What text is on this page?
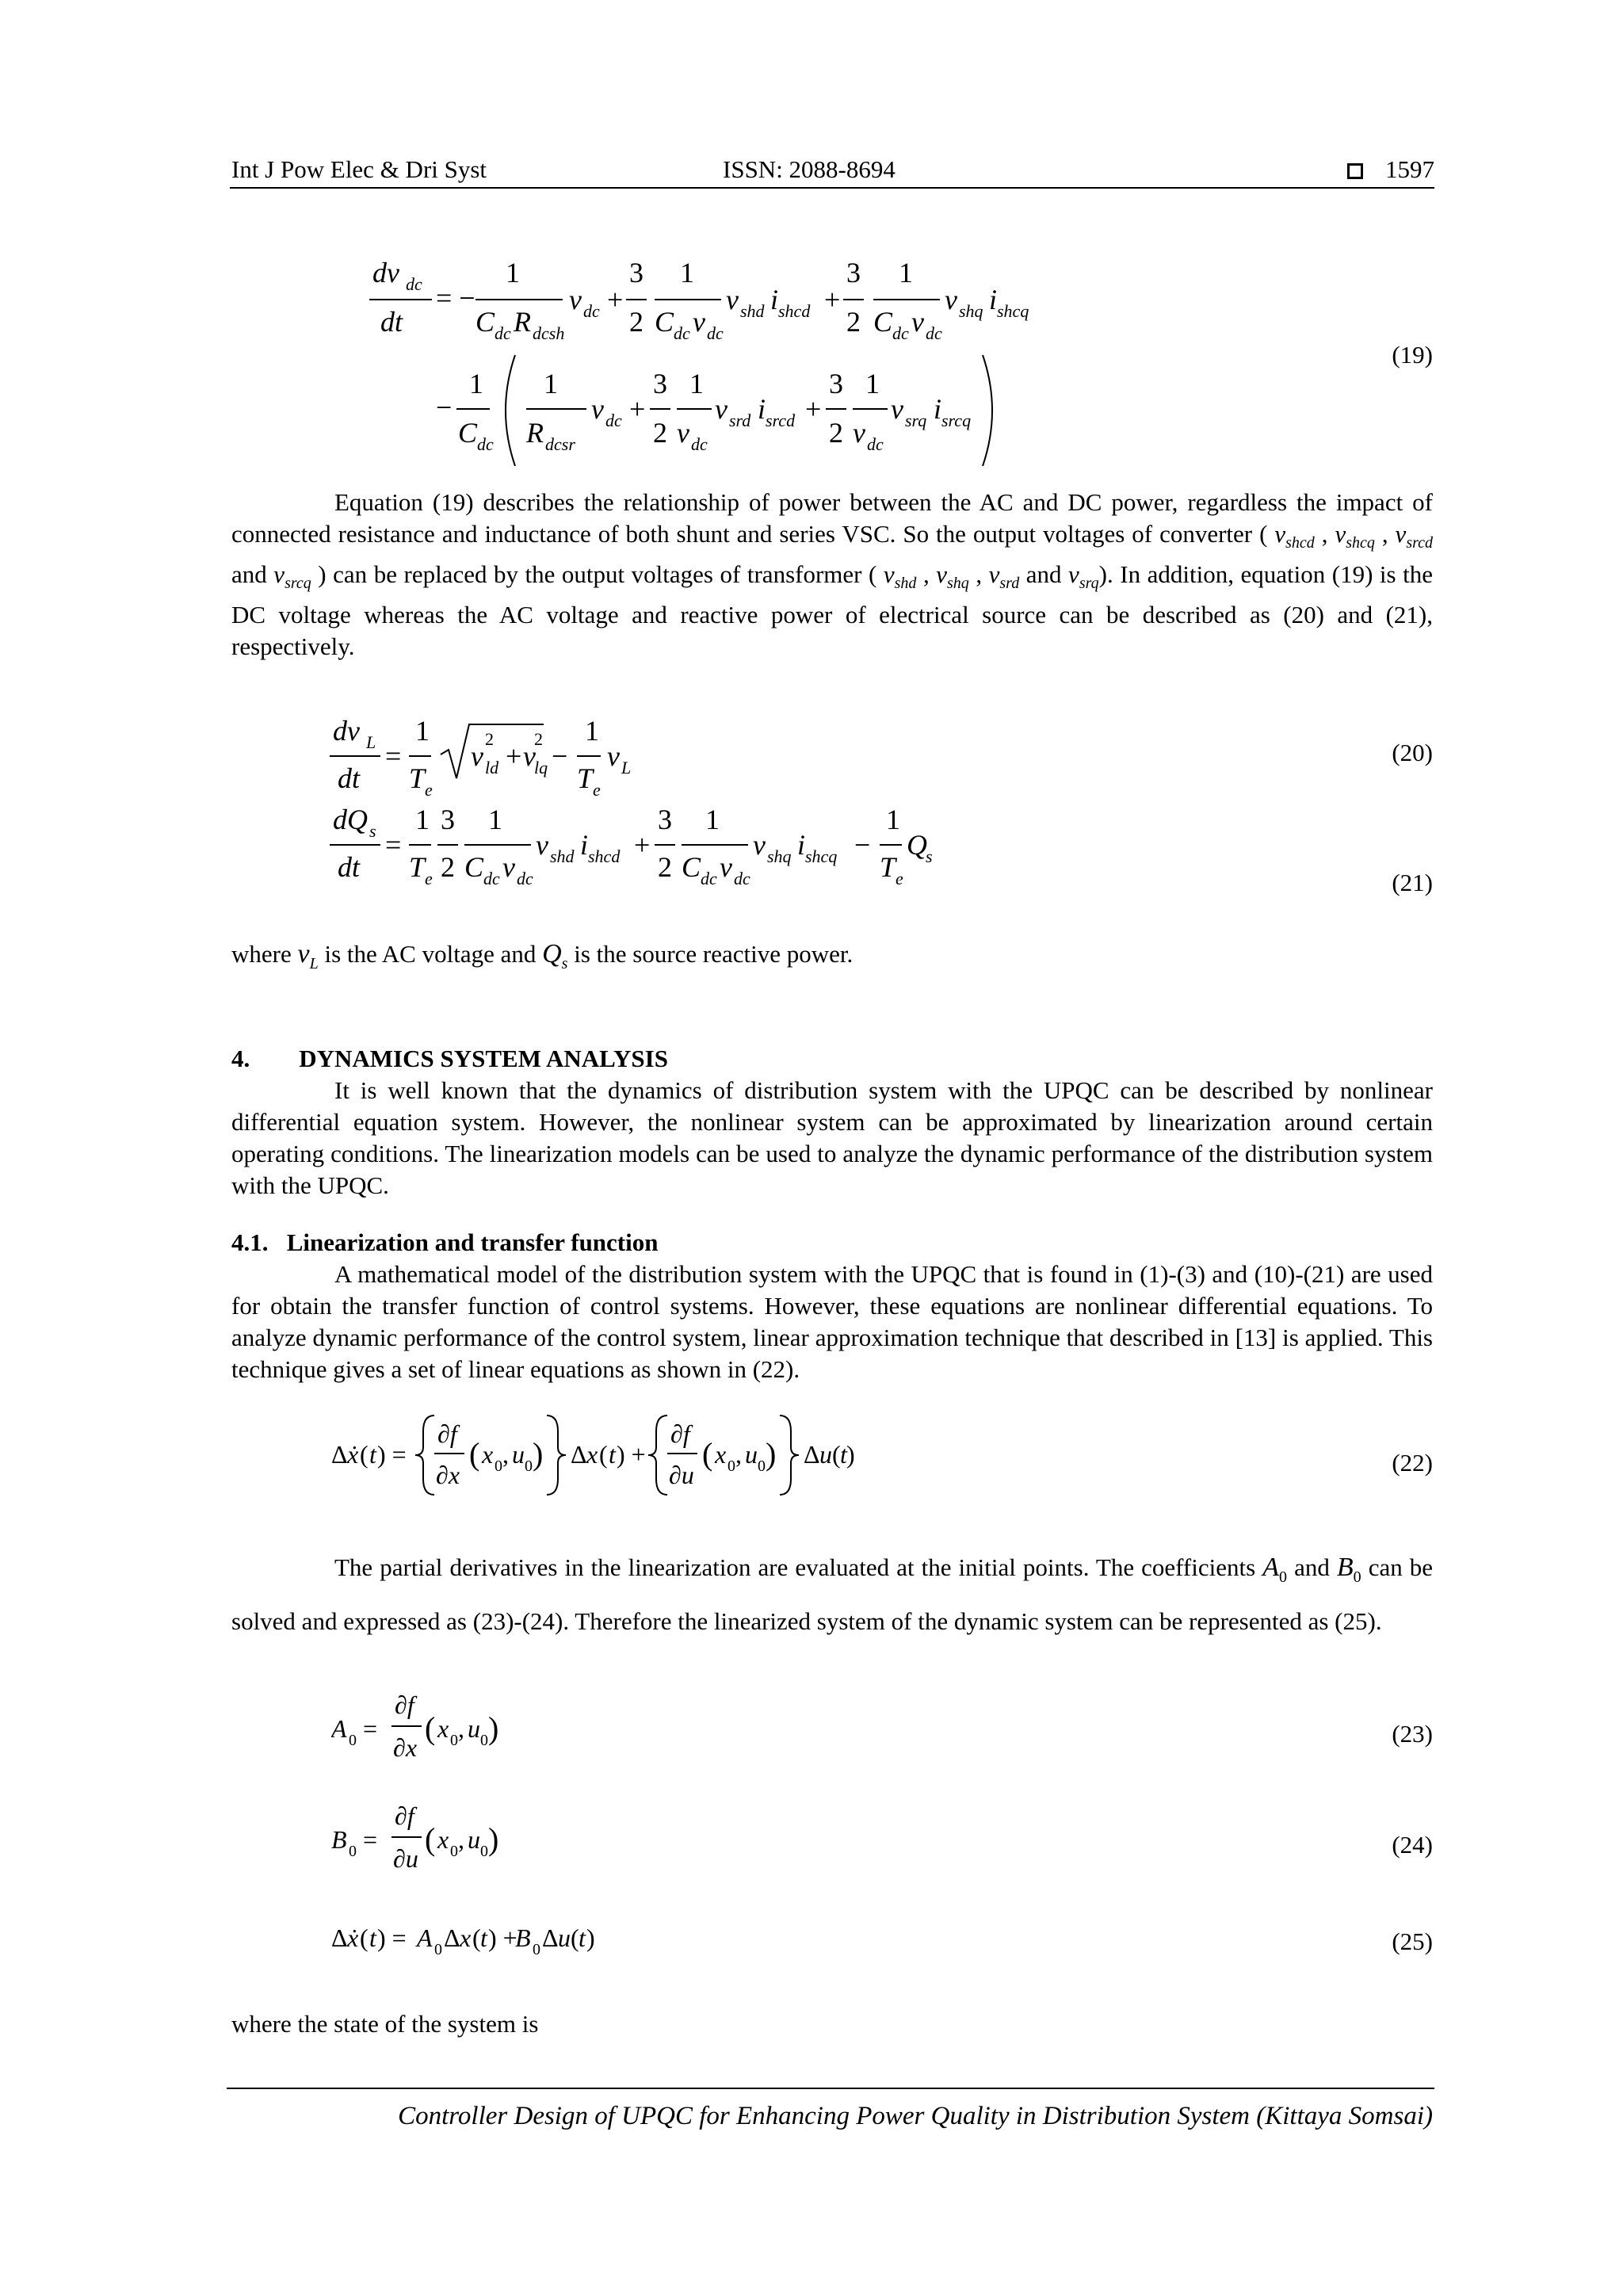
Int J Pow Elec & Dri Syst	ISSN: 2088-8694	1597
dv dc
dt
= −
1
C dc R dcsh
v dc +
3
2
1
C dc v dc
v shd i shcd +
3
2
1
C dc v dc
v shq i shcq
−
1
C dc
1
R dcsr
v dc +
3
2
1
v dc
v srd i srcd +
3
2
1
v dc
v srq i srcq
(19)
Equation (19) describes the relationship of power between the AC and DC power, regardless the impact of connected resistance and inductance of both shunt and series VSC. So the output voltages of converter ( $v_{shcd}$ , $v_{shcq}$ , $v_{srcd}$ and $v_{srcq}$ ) can be replaced by the output voltages of transformer ( $v_{shd}$ , $v_{shq}$ , $v_{srd}$ and $v_{srq}$). In addition, equation (19) is the DC voltage whereas the AC voltage and reactive power of electrical source can be described as (20) and (21), respectively.
dv L
dt
=
1
T e
v
2
ld + v
2
lq −
1
T e
v L
dQ s
dt
=
1
T e
3
2
1
C dc v dc
v shd i shcd +
3
2
1
C dc v dc
v shq i shcq −
1
T e
Q
s
(20)
(21)
where $v_L$ is the AC voltage and $Q_s$ is the source reactive power.
4.  DYNAMICS SYSTEM ANALYSIS
It is well known that the dynamics of distribution system with the UPQC can be described by nonlinear differential equation system. However, the nonlinear system can be approximated by linearization around certain operating conditions. The linearization models can be used to analyze the dynamic performance of the distribution system with the UPQC.
4.1.  Linearization and transfer function
A mathematical model of the distribution system with the UPQC that is found in (1)-(3) and (10)-(21) are used for obtain the transfer function of control systems. However, these equations are nonlinear differential equations. To analyze dynamic performance of the control system, linear approximation technique that described in [13] is applied. This technique gives a set of linear equations as shown in (22).
Δ ẋ ( t ) =
∂f
∂x
( x 0 , u 0 ) Δ x ( t ) +
∂f
∂u
( x 0 , u 0 ) Δ u ( t )	(22)
The partial derivatives in the linearization are evaluated at the initial points. The coefficients $A_0$ and $B_0$ can be solved and expressed as (23)-(24). Therefore the linearized system of the dynamic system can be represented as (25).
A 0 =
∂f
∂x
( x 0 , u 0 )	(23)
B 0 =
∂f
∂u
( x 0 , u 0 )	(24)
Δ ẋ ( t ) = A 0 Δ x ( t ) +
B 0 Δ u ( t )	(25)
where the state of the system is
Controller Design of UPQC for Enhancing Power Quality in Distribution System (Kittaya Somsai)
